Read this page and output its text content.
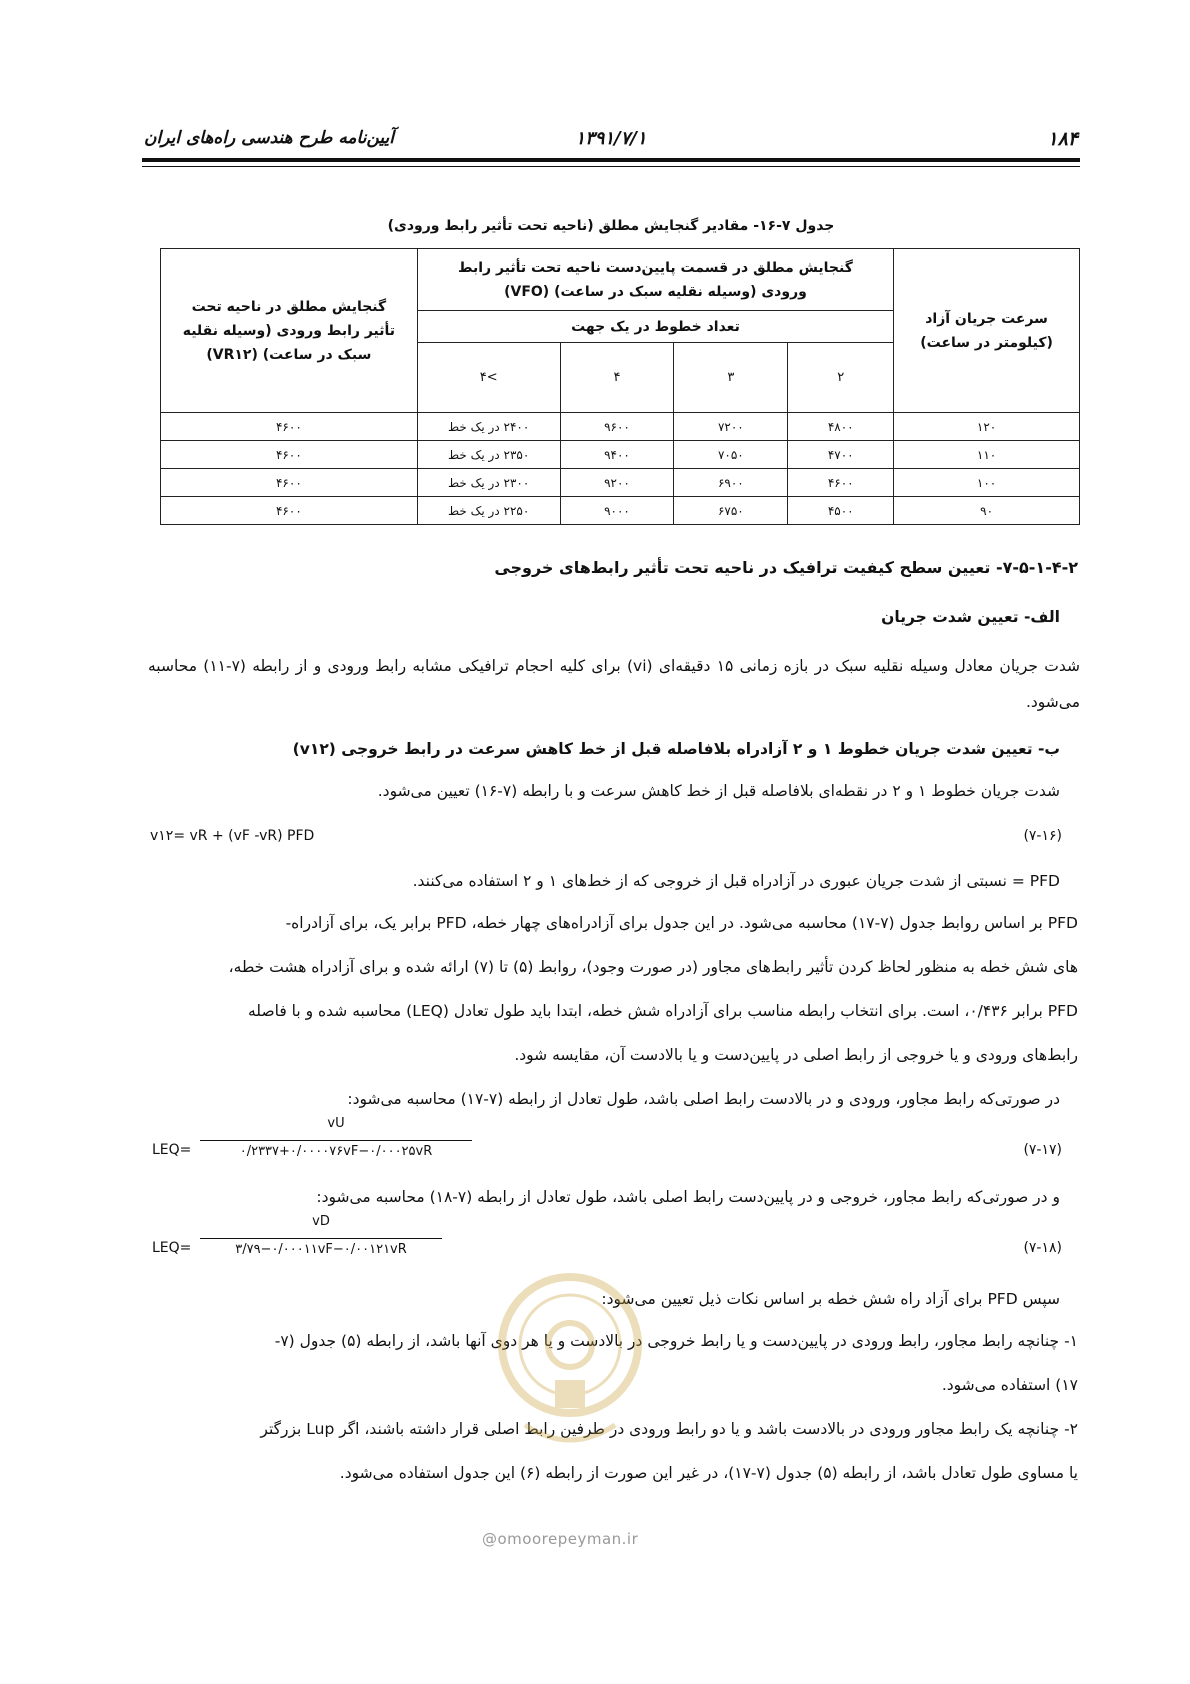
آیین‌نامه طرح هندسی راه‌های ایران	۱۳۹۱/۷/۱	۱۸۴
جدول ۷-۱۶- مقادیر گنجایش مطلق (ناحیه تحت تأثیر رابط ورودی)
سرعت جریان آزاد (کیلومتر در ساعت)	گنجایش مطلق در قسمت پایین‌دست ناحیه تحت تأثیر رابط ورودی (وسیله نقلیه سبک در ساعت) (VFO)				گنجایش مطلق در ناحیه تحت تأثیر رابط ورودی (وسیله نقلیه سبک در ساعت) (VR۱۲)
	تعداد خطوط در یک جهت				
	۲	۳	۴	>۴	
۱۲۰	۴۸۰۰	۷۲۰۰	۹۶۰۰	۲۴۰۰ در یک خط	۴۶۰۰
۱۱۰	۴۷۰۰	۷۰۵۰	۹۴۰۰	۲۳۵۰ در یک خط	۴۶۰۰
۱۰۰	۴۶۰۰	۶۹۰۰	۹۲۰۰	۲۳۰۰ در یک خط	۴۶۰۰
۹۰	۴۵۰۰	۶۷۵۰	۹۰۰۰	۲۲۵۰ در یک خط	۴۶۰۰
۷-۵-۱-۴-۲- تعیین سطح کیفیت ترافیک در ناحیه تحت تأثیر رابط‌های خروجی
الف- تعیین شدت جریان
شدت جریان معادل وسیله نقلیه سبک در بازه زمانی ۱۵ دقیقه‌ای (vi) برای کلیه احجام ترافیکی مشابه رابط ورودی و از رابطه (۷-۱۱) محاسبه می‌شود.
ب- تعیین شدت جریان خطوط ۱ و ۲ آزادراه بلافاصله قبل از خط کاهش سرعت در رابط خروجی (v۱۲)
شدت جریان خطوط ۱ و ۲ در نقطه‌ای بلافاصله قبل از خط کاهش سرعت و با رابطه (۷-۱۶) تعیین می‌شود.
v۱۲= vR + (vF -vR) PFD	(۷-۱۶)
PFD = نسبتی از شدت جریان عبوری در آزادراه قبل از خروجی که از خط‌های ۱ و ۲ استفاده می‌کنند.
PFD بر اساس روابط جدول (۷-۱۷) محاسبه می‌شود. در این جدول برای آزادراه‌های چهار خطه، PFD برابر یک، برای آزادراه-
های شش خطه به منظور لحاظ کردن تأثیر رابط‌های مجاور (در صورت وجود)، روابط (۵) تا (۷) ارائه شده و برای آزادراه هشت خطه،
PFD برابر ۰/۴۳۶، است. برای انتخاب رابطه مناسب برای آزادراه شش خطه، ابتدا باید طول تعادل (LEQ) محاسبه شده و با فاصله
رابط‌های ورودی و یا خروجی از رابط اصلی در پایین‌دست و یا بالادست آن، مقایسه شود.
در صورتی‌که رابط مجاور، ورودی و در بالادست رابط اصلی باشد، طول تعادل از رابطه (۷-۱۷) محاسبه می‌شود:
LEQ=
vU
۰/۲۳۳۷+۰/۰۰۰۰۷۶vF−۰/۰۰۰۲۵vR	(۷-۱۷)
و در صورتی‌که رابط مجاور، خروجی و در پایین‌دست رابط اصلی باشد، طول تعادل از رابطه (۷-۱۸) محاسبه می‌شود:
LEQ=
vD
۳/۷۹−۰/۰۰۰۱۱vF−۰/۰۰۱۲۱vR	(۷-۱۸)
سپس PFD برای آزاد راه شش خطه بر اساس نکات ذیل تعیین می‌شود:
۱- چنانچه رابط مجاور، رابط ورودی در پایین‌دست و یا رابط خروجی در بالادست و یا هر دوی آنها باشد، از رابطه (۵) جدول (۷-
۱۷) استفاده می‌شود.
۲- چنانچه یک رابط مجاور ورودی در بالادست باشد و یا دو رابط ورودی در طرفین رابط اصلی قرار داشته باشند، اگر Lup بزرگتر
یا مساوی طول تعادل باشد، از رابطه (۵) جدول (۷-۱۷)، در غیر این صورت از رابطه (۶) این جدول استفاده می‌شود.
@omoorepeyman.ir
